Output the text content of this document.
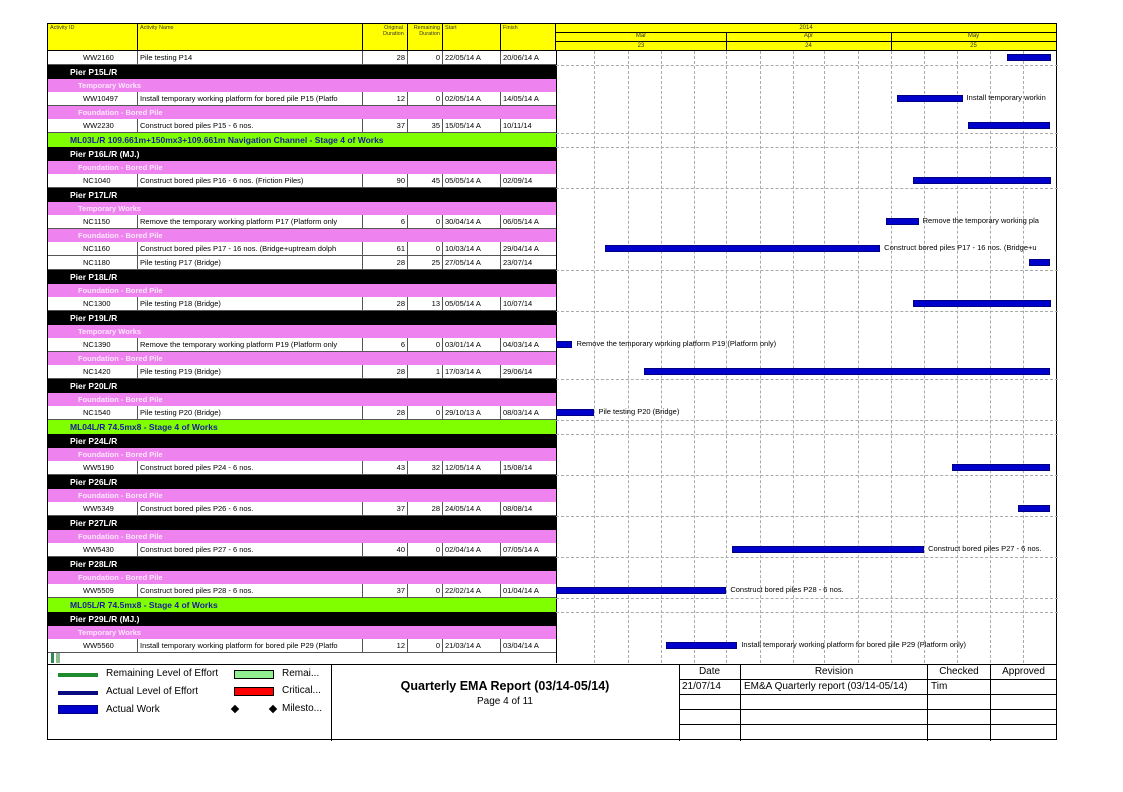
Activity ID	Activity Name	Original Duration
Remaining Duration
Start	Finish	2014
Mar
23
Apr
24
May
25
WW2160	Pile testing P14	28	0 22/05/14 A	20/06/14 A
Pier P15L/R
Temporary Works
WW10497	Install temporary working platform for bored pile P15 (Platfo	12	0 02/05/14 A	14/05/14 A
Foundation - Bored Pile
WW2230	Construct bored piles P15 - 6 nos.	37	35 15/05/14 A	10/11/14
ML03L/R 109.661m+150mx3+109.661m Navigation Channel - Stage 4 of Works
Pier P16L/R (MJ.)
Foundation - Bored Pile
NC1040	Construct bored piles P16 - 6 nos. (Friction Piles)	90	45 05/05/14 A	02/09/14
Pier P17L/R
Temporary Works
NC1150	Remove the temporary working platform P17 (Platform only	6	0 30/04/14 A	06/05/14 A
Foundation - Bored Pile
NC1160	Construct bored piles P17 - 16 nos. (Bridge+uptream dolph	61	0 10/03/14 A	29/04/14 A
NC1180	Pile testing P17 (Bridge)	28	25 27/05/14 A	23/07/14
Pier P18L/R
Foundation - Bored Pile
NC1300	Pile testing P18 (Bridge)	28	13 05/05/14 A	10/07/14
Pier P19L/R
Temporary Works
NC1390	Remove the temporary working platform P19 (Platform only	6	0 03/01/14 A	04/03/14 A
Foundation - Bored Pile
NC1420	Pile testing P19 (Bridge)	28	1 17/03/14 A	29/06/14
Pier P20L/R
Foundation - Bored Pile
NC1540	Pile testing P20 (Bridge)	28	0 29/10/13 A	08/03/14 A
ML04L/R 74.5mx8 - Stage 4 of Works
Pier P24L/R
Foundation - Bored Pile
WW5190	Construct bored piles P24 - 6 nos.	43	32 12/05/14 A	15/08/14
Pier P26L/R
Foundation - Bored Pile
WW5349	Construct bored piles P26 - 6 nos.	37	28 24/05/14 A	08/08/14
Pier P27L/R
Foundation - Bored Pile
WW5430	Construct bored piles P27 - 6 nos.	40	0 02/04/14 A	07/05/14 A
Pier P28L/R
Foundation - Bored Pile
WW5509	Construct bored piles P28 - 6 nos.	37	0 22/02/14 A	01/04/14 A
ML05L/R 74.5mx8 - Stage 4 of Works
Pier P29L/R (MJ.)
Temporary Works
WW5560	Install temporary working platform for bored pile P29 (Platfo	12	0 21/03/14 A	03/04/14 A
Install temporary workin
Remove the temporary working pla
Construct bored piles P17 - 16 nos. (Bridge+u
Remove the temporary working platform P19 (Platform only)
Pile testing P20 (Bridge)
Construct bored piles P27 - 6 nos.
Construct bored piles P28 - 6 nos.
Install temporary working platform for bored pile P29 (Platform only)
Remaining Level of Effort
Actual Level of Effort
Actual Work
Remai...
Critical...
Milesto...
Quarterly EMA Report (03/14-05/14)
Page 4 of 11
Date	Revision	Checked	Approved
21/07/14	EM&A Quarterly report (03/14-05/14)	Tim
